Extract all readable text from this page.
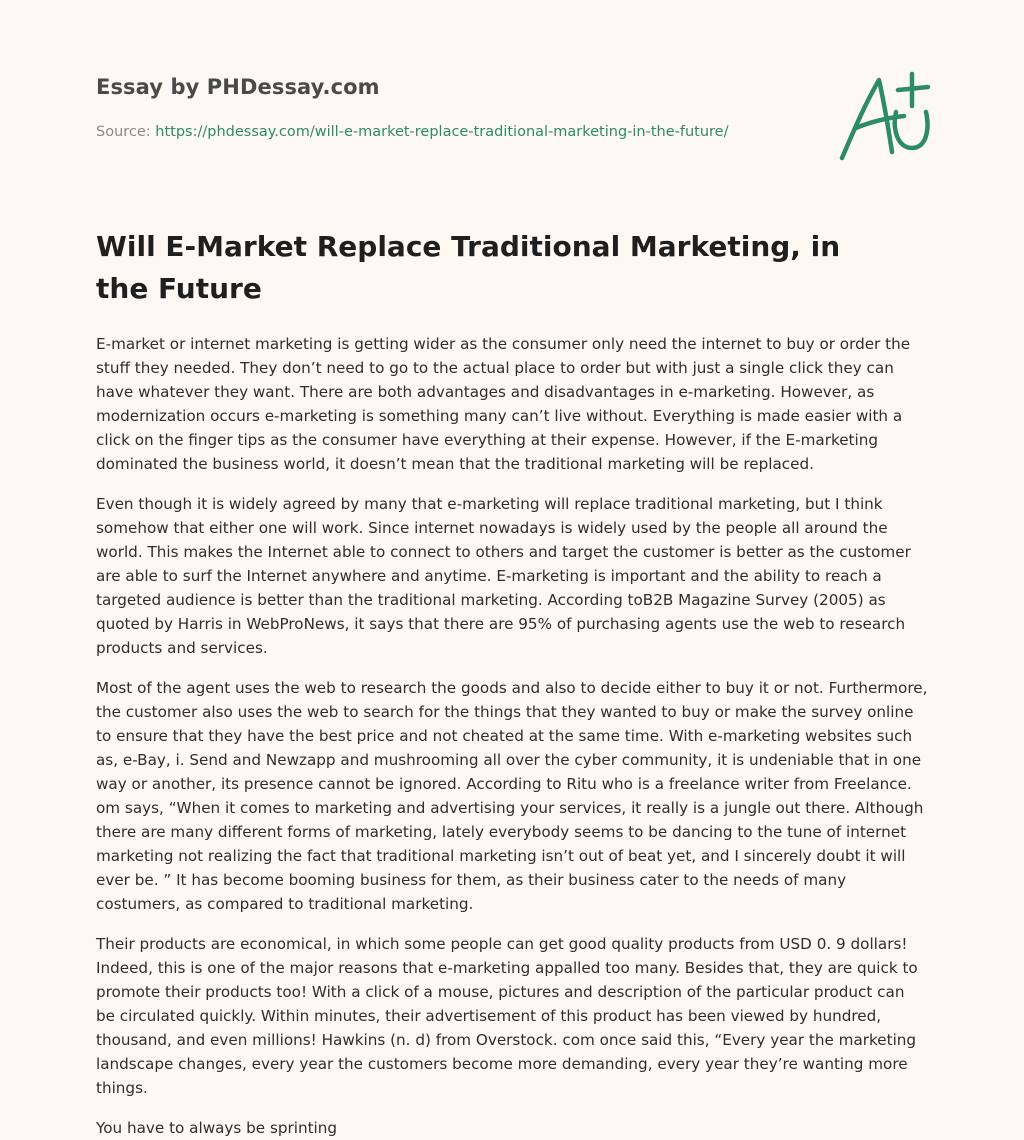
Essay by PHDessay.com
Source: https://phdessay.com/will-e-market-replace-traditional-marketing-in-the-future/
Will E-Market Replace Traditional Marketing, in the Future

E-market or internet marketing is getting wider as the consumer only need the internet to buy or order the stuff they needed. They don’t need to go to the actual place to order but with just a single click they can have whatever they want. There are both advantages and disadvantages in e-marketing. However, as modernization occurs e-marketing is something many can’t live without. Everything is made easier with a click on the finger tips as the consumer have everything at their expense. However, if the E-marketing dominated the business world, it doesn’t mean that the traditional marketing will be replaced.

Even though it is widely agreed by many that e-marketing will replace traditional marketing, but I think somehow that either one will work. Since internet nowadays is widely used by the people all around the world. This makes the Internet able to connect to others and target the customer is better as the customer are able to surf the Internet anywhere and anytime. E-marketing is important and the ability to reach a targeted audience is better than the traditional marketing. According toB2B Magazine Survey (2005) as quoted by Harris in WebProNews, it says that there are 95% of purchasing agents use the web to research products and services.

Most of the agent uses the web to research the goods and also to decide either to buy it or not. Furthermore, the customer also uses the web to search for the things that they wanted to buy or make the survey online to ensure that they have the best price and not cheated at the same time. With e-marketing websites such as, e-Bay, i. Send and Newzapp and mushrooming all over the cyber community, it is undeniable that in one way or another, its presence cannot be ignored. According to Ritu who is a freelance writer from Freelance. om says, “When it comes to marketing and advertising your services, it really is a jungle out there. Although there are many different forms of marketing, lately everybody seems to be dancing to the tune of internet marketing not realizing the fact that traditional marketing isn’t out of beat yet, and I sincerely doubt it will ever be. ” It has become booming business for them, as their business cater to the needs of many costumers, as compared to traditional marketing.

Their products are economical, in which some people can get good quality products from USD 0. 9 dollars! Indeed, this is one of the major reasons that e-marketing appalled too many. Besides that, they are quick to promote their products too! With a click of a mouse, pictures and description of the particular product can be circulated quickly. Within minutes, their advertisement of this product has been viewed by hundred, thousand, and even millions! Hawkins (n. d) from Overstock. com once said this, “Every year the marketing landscape changes, every year the customers become more demanding, every year they’re wanting more things.

You have to always be sprinting
